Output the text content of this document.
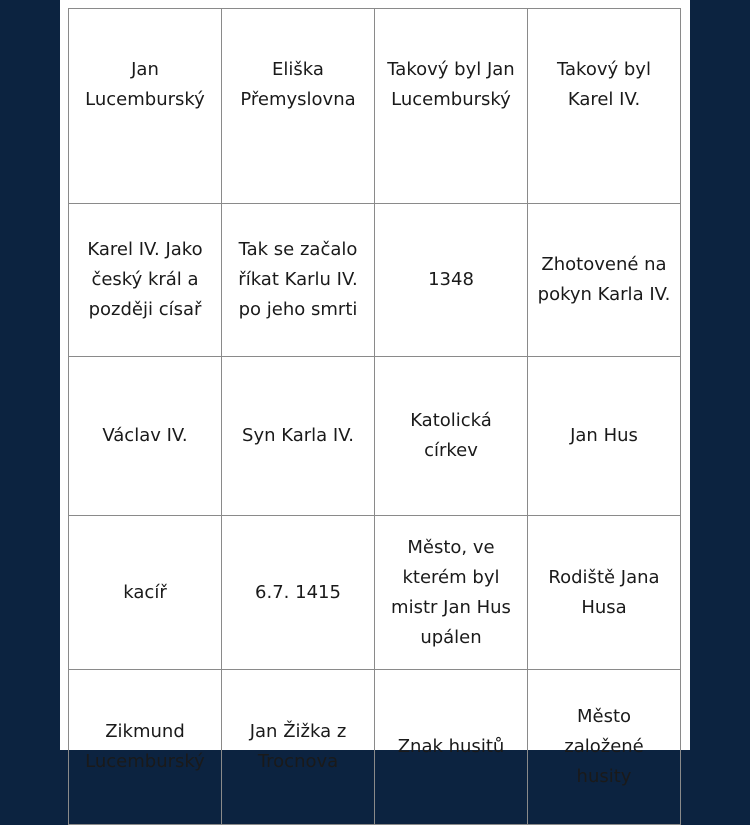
Jan Lucemburský	Eliška Přemyslovna	Takový byl Jan Lucemburský	Takový byl Karel IV.
Karel IV. Jako český král a později císař	Tak se začalo říkat Karlu IV. po jeho smrti	1348	Zhotovené na pokyn Karla IV.
Václav IV.	Syn Karla IV.	Katolická církev	Jan Hus
kacíř	6.7. 1415	Město, ve kterém byl mistr Jan Hus upálen	Rodiště Jana Husa
Zikmund Lucemburský	Jan Žižka z Trocnova	Znak husitů	Město založené husity
